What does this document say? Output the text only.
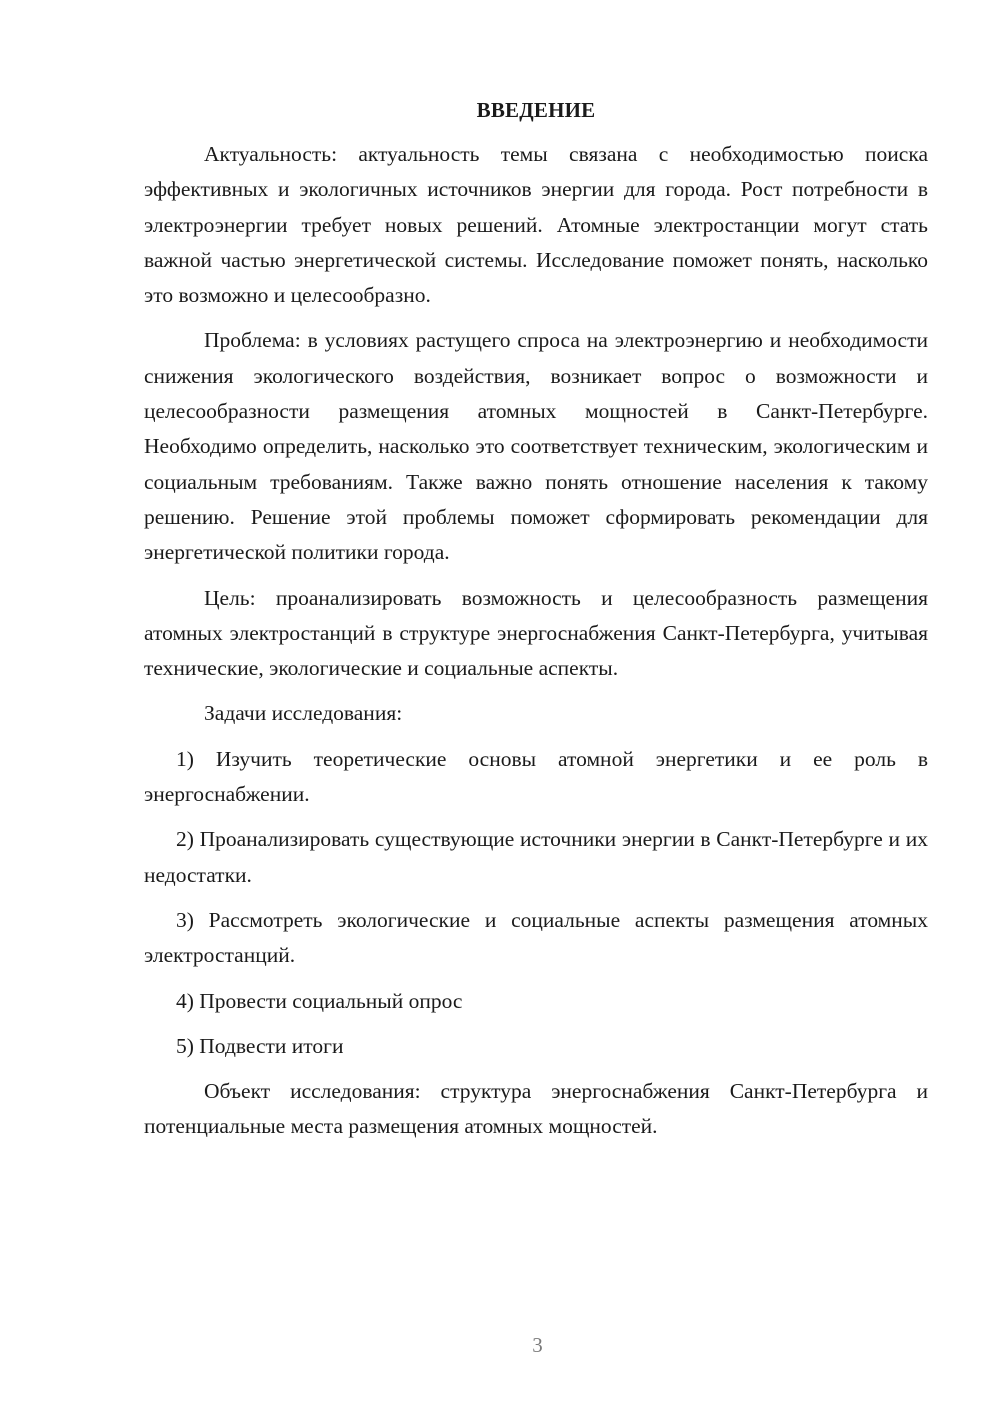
ВВЕДЕНИЕ

Актуальность: актуальность темы связана с необходимостью поиска эффективных и экологичных источников энергии для города. Рост потребности в электроэнергии требует новых решений. Атомные электростанции могут стать важной частью энергетической системы. Исследование поможет понять, насколько это возможно и целесообразно.

Проблема: в условиях растущего спроса на электроэнергию и необходимости снижения экологического воздействия, возникает вопрос о возможности и целесообразности размещения атомных мощностей в Санкт-Петербурге. Необходимо определить, насколько это соответствует техническим, экологическим и социальным требованиям. Также важно понять отношение населения к такому решению. Решение этой проблемы поможет сформировать рекомендации для энергетической политики города.

Цель: проанализировать возможность и целесообразность размещения атомных электростанций в структуре энергоснабжения Санкт-Петербурга, учитывая технические, экологические и социальные аспекты.

Задачи исследования:

1) Изучить теоретические основы атомной энергетики и ее роль в энергоснабжении.

2) Проанализировать существующие источники энергии в Санкт-Петербурге и их недостатки.

3) Рассмотреть экологические и социальные аспекты размещения атомных электростанций.

4) Провести социальный опрос

5) Подвести итоги

Объект исследования: структура энергоснабжения Санкт-Петербурга и потенциальные места размещения атомных мощностей.

3
